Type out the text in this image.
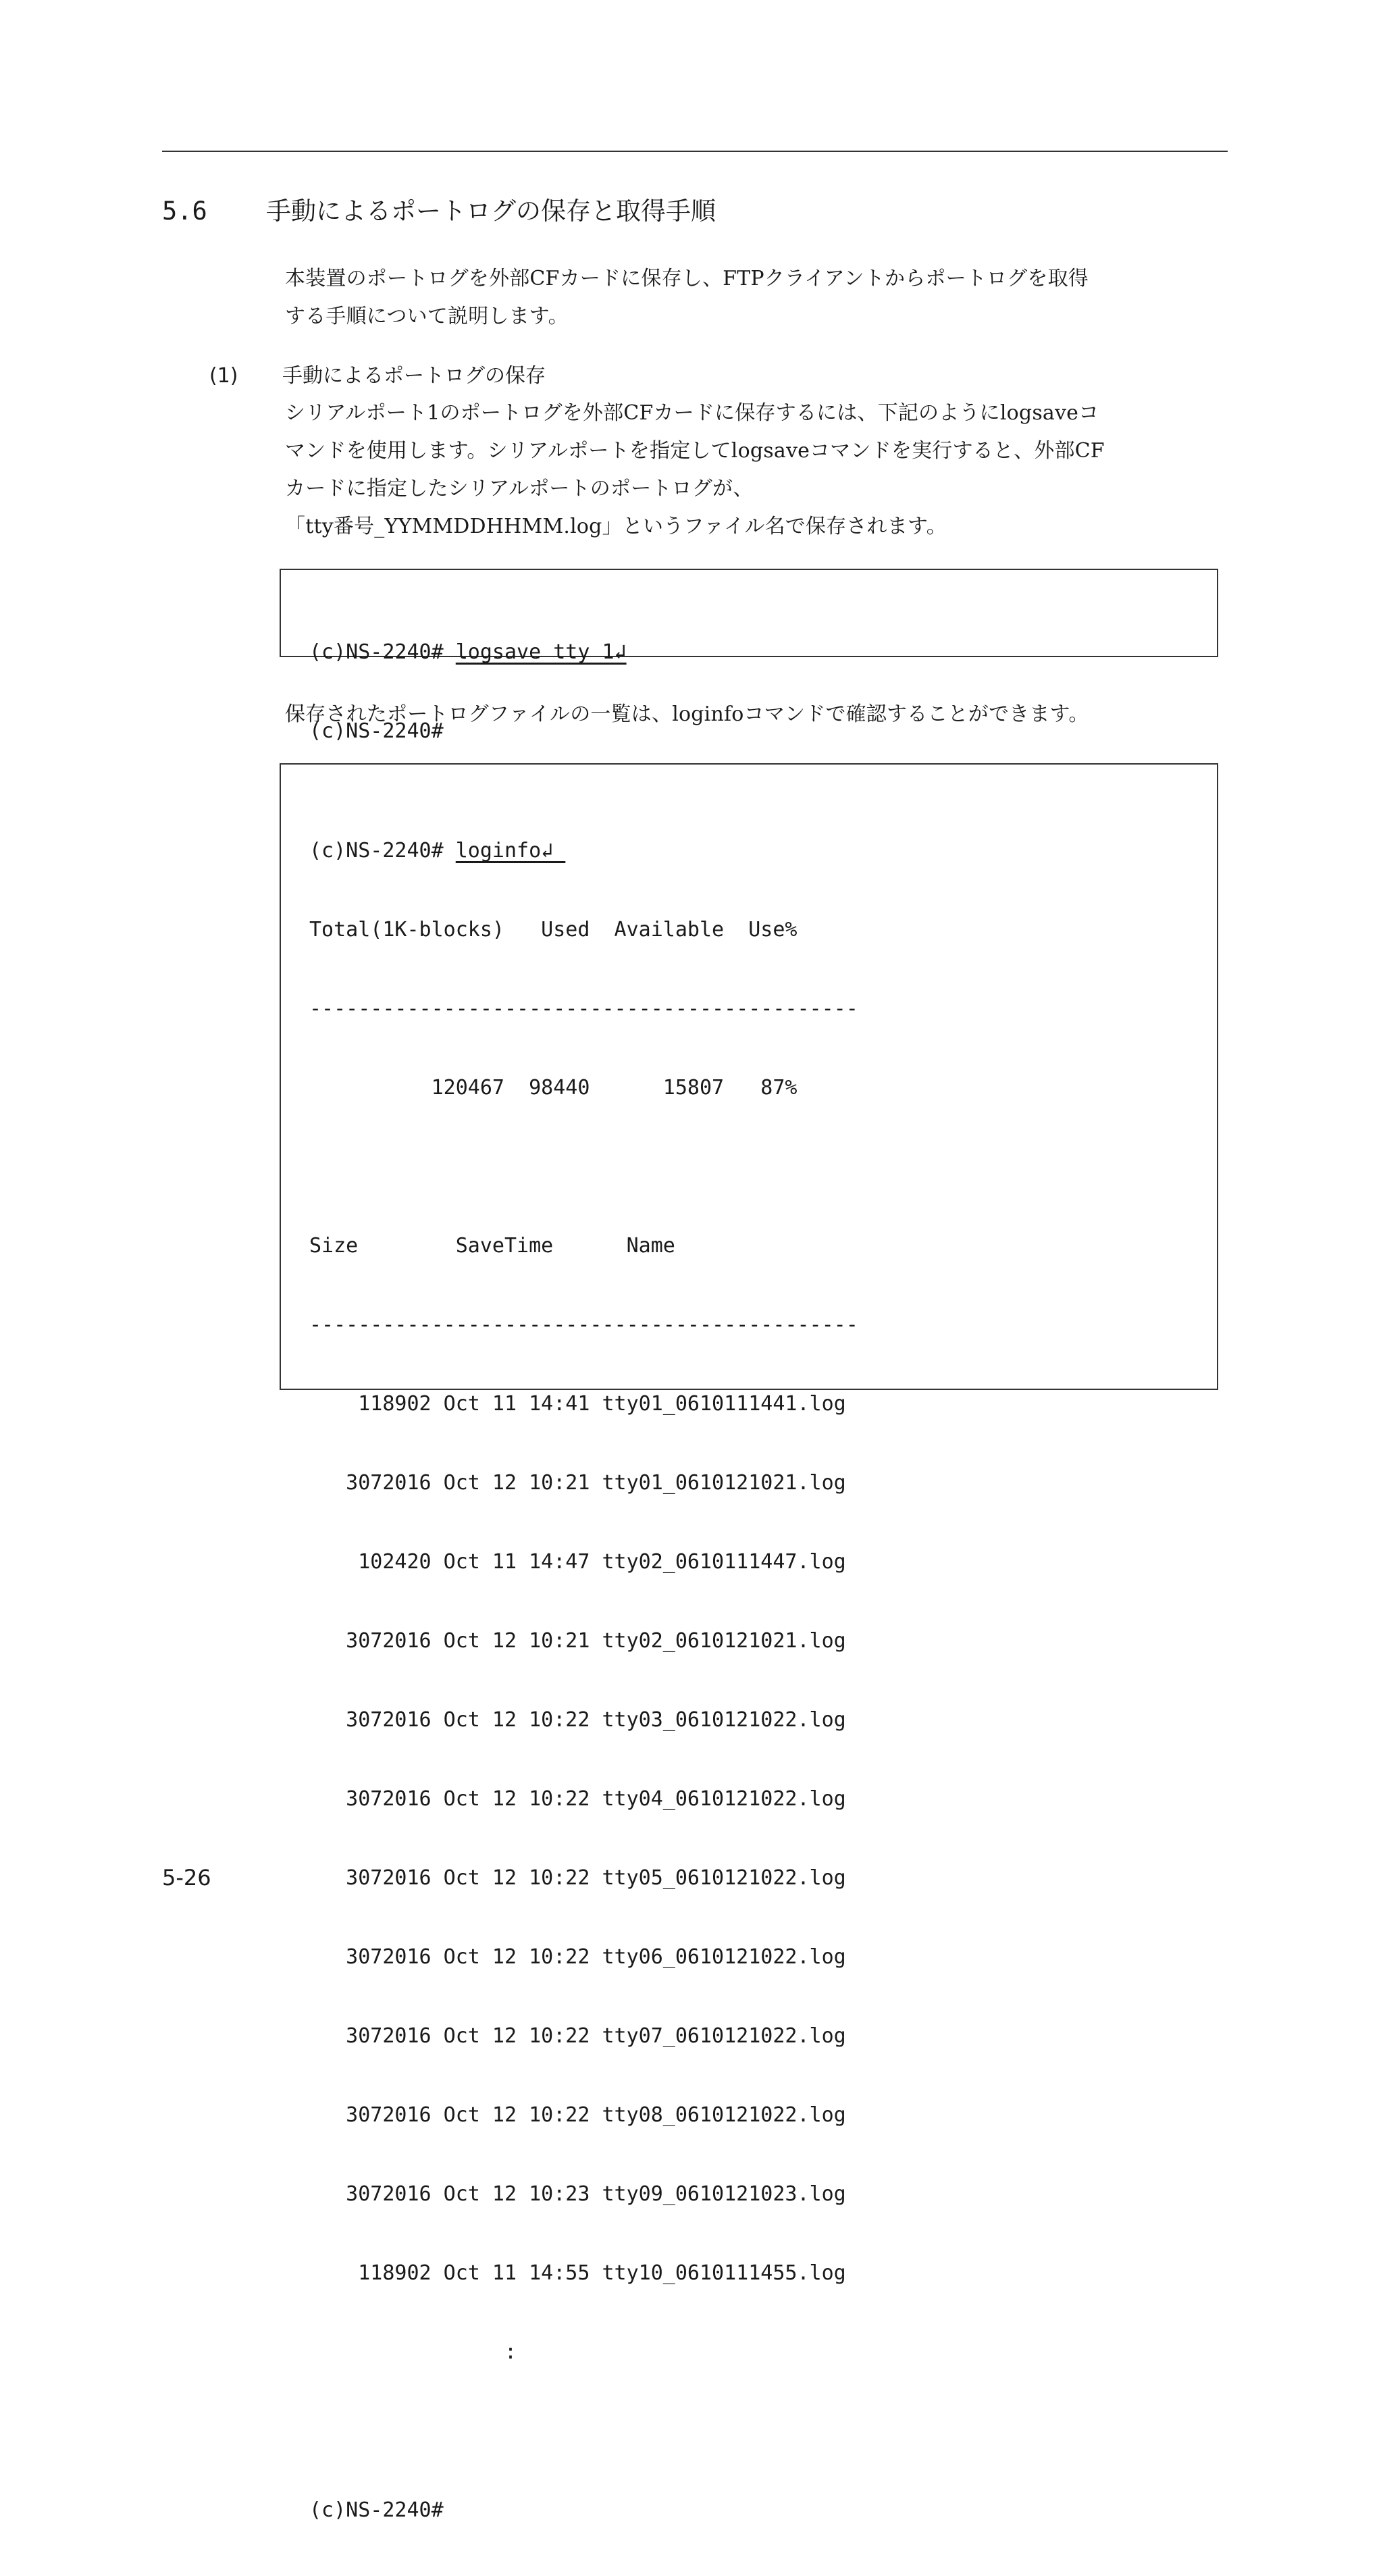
5.6 手動によるポートログの保存と取得手順
本装置のポートログを外部CFカードに保存し、FTPクライアントからポートログを取得
する手順について説明します。
(1) 手動によるポートログの保存
シリアルポート1のポートログを外部CFカードに保存するには、下記のようにlogsaveコ
マンドを使用します。シリアルポートを指定してlogsaveコマンドを実行すると、外部CF
カードに指定したシリアルポートのポートログが、
「tty番号_YYMMDDHHMM.log」というファイル名で保存されます。

(c)NS-2240# logsave tty 1↲

(c)NS-2240#

保存されたポートログファイルの一覧は、loginfoコマンドで確認することができます。

(c)NS-2240# loginfo↲

Total(1K-blocks)   Used  Available  Use%

---------------------------------------------

120467  98440      15807   87%

Size        SaveTime      Name

---------------------------------------------

118902 Oct 11 14:41 tty01_0610111441.log

3072016 Oct 12 10:21 tty01_0610121021.log

102420 Oct 11 14:47 tty02_0610111447.log

3072016 Oct 12 10:21 tty02_0610121021.log

3072016 Oct 12 10:22 tty03_0610121022.log

3072016 Oct 12 10:22 tty04_0610121022.log

3072016 Oct 12 10:22 tty05_0610121022.log

3072016 Oct 12 10:22 tty06_0610121022.log

3072016 Oct 12 10:22 tty07_0610121022.log

3072016 Oct 12 10:22 tty08_0610121022.log

3072016 Oct 12 10:23 tty09_0610121023.log

118902 Oct 11 14:55 tty10_0610111455.log

:

(c)NS-2240#

5-26
